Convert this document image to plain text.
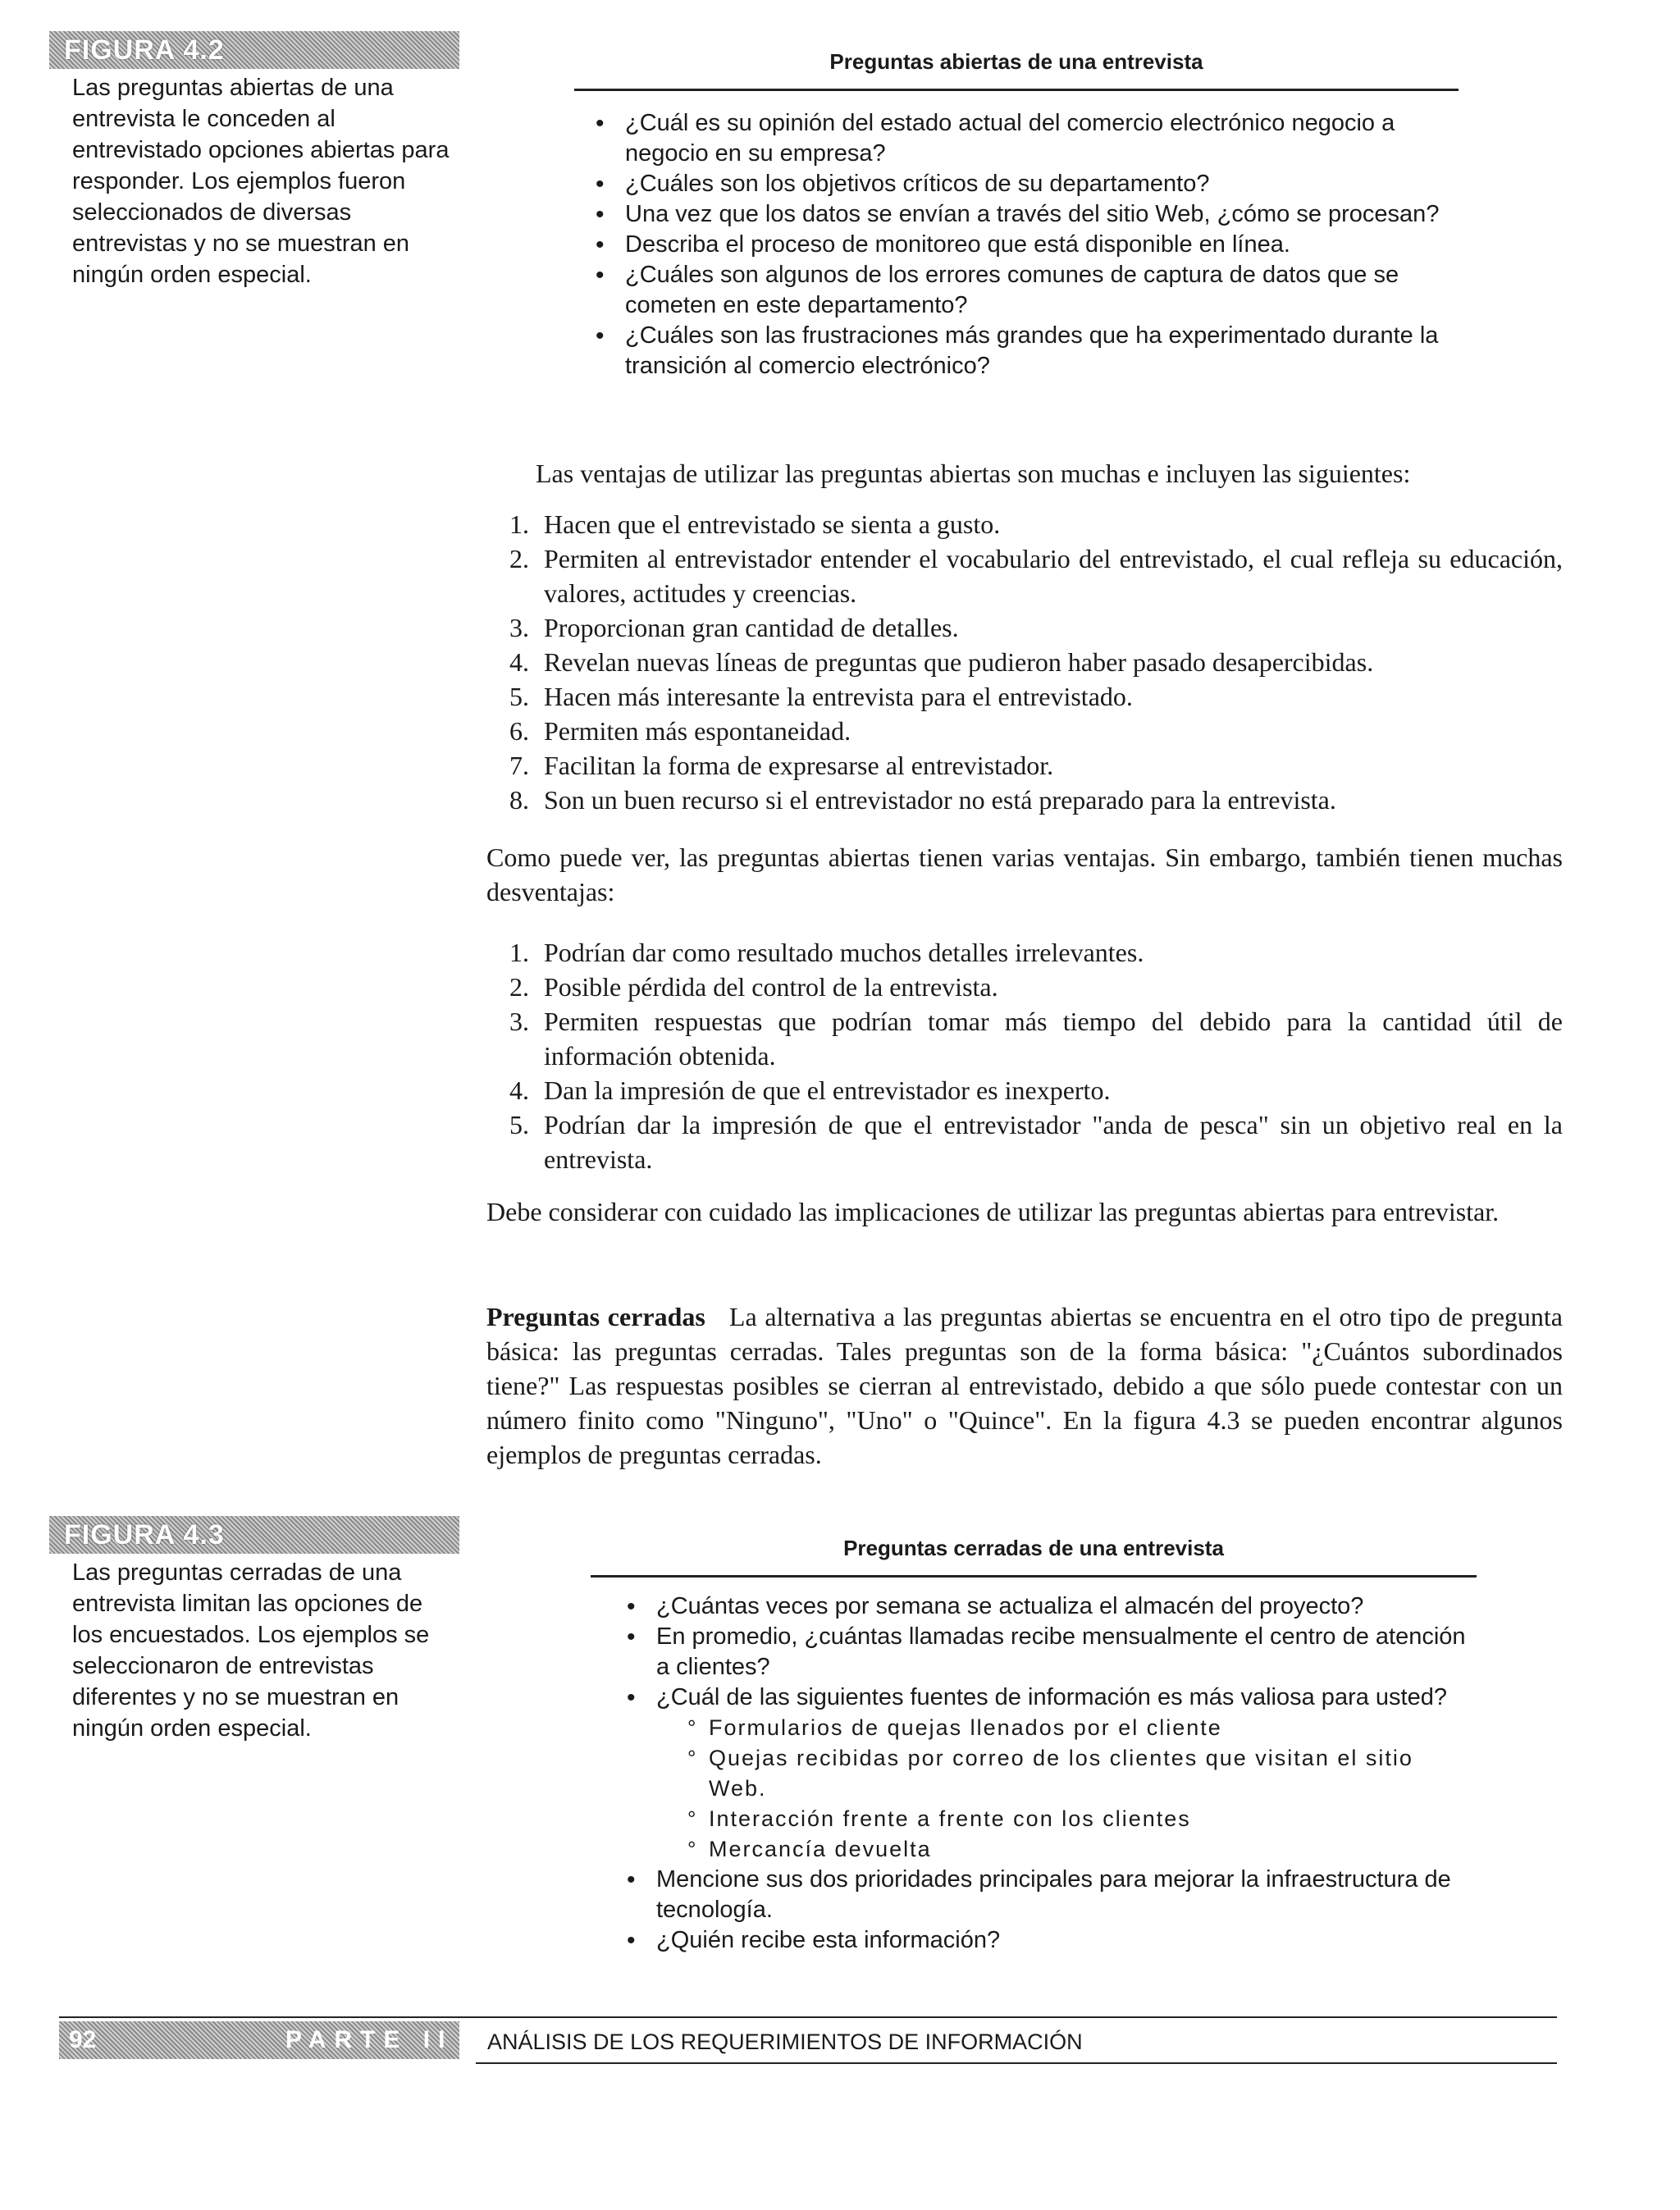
FIGURA 4.2
Las preguntas abiertas de una entrevista le conceden al entrevistado opciones abiertas para responder. Los ejemplos fueron seleccionados de diversas entrevistas y no se muestran en ningún orden especial.
Preguntas abiertas de una entrevista
• ¿Cuál es su opinión del estado actual del comercio electrónico negocio a negocio en su empresa?
• ¿Cuáles son los objetivos críticos de su departamento?
• Una vez que los datos se envían a través del sitio Web, ¿cómo se procesan?
• Describa el proceso de monitoreo que está disponible en línea.
• ¿Cuáles son algunos de los errores comunes de captura de datos que se cometen en este departamento?
• ¿Cuáles son las frustraciones más grandes que ha experimentado durante la transición al comercio electrónico?

Las ventajas de utilizar las preguntas abiertas son muchas e incluyen las siguientes:

1. Hacen que el entrevistado se sienta a gusto.
2. Permiten al entrevistador entender el vocabulario del entrevistado, el cual refleja su educación, valores, actitudes y creencias.
3. Proporcionan gran cantidad de detalles.
4. Revelan nuevas líneas de preguntas que pudieron haber pasado desapercibidas.
5. Hacen más interesante la entrevista para el entrevistado.
6. Permiten más espontaneidad.
7. Facilitan la forma de expresarse al entrevistador.
8. Son un buen recurso si el entrevistador no está preparado para la entrevista.

Como puede ver, las preguntas abiertas tienen varias ventajas. Sin embargo, también tienen muchas desventajas:

1. Podrían dar como resultado muchos detalles irrelevantes.
2. Posible pérdida del control de la entrevista.
3. Permiten respuestas que podrían tomar más tiempo del debido para la cantidad útil de información obtenida.
4. Dan la impresión de que el entrevistador es inexperto.
5. Podrían dar la impresión de que el entrevistador "anda de pesca" sin un objetivo real en la entrevista.

Debe considerar con cuidado las implicaciones de utilizar las preguntas abiertas para entrevistar.

Preguntas cerradas La alternativa a las preguntas abiertas se encuentra en el otro tipo de pregunta básica: las preguntas cerradas. Tales preguntas son de la forma básica: "¿Cuántos subordinados tiene?" Las respuestas posibles se cierran al entrevistado, debido a que sólo puede contestar con un número finito como "Ninguno", "Uno" o "Quince". En la figura 4.3 se pueden encontrar algunos ejemplos de preguntas cerradas.

FIGURA 4.3
Las preguntas cerradas de una entrevista limitan las opciones de los encuestados. Los ejemplos se seleccionaron de entrevistas diferentes y no se muestran en ningún orden especial.
Preguntas cerradas de una entrevista
• ¿Cuántas veces por semana se actualiza el almacén del proyecto?
• En promedio, ¿cuántas llamadas recibe mensualmente el centro de atención a clientes?
• ¿Cuál de las siguientes fuentes de información es más valiosa para usted?
° Formularios de quejas llenados por el cliente
° Quejas recibidas por correo de los clientes que visitan el sitio Web.
° Interacción frente a frente con los clientes
° Mercancía devuelta
• Mencione sus dos prioridades principales para mejorar la infraestructura de tecnología.
• ¿Quién recibe esta información?
92	PARTE II ANÁLISIS DE LOS REQUERIMIENTOS DE INFORMACIÓN
